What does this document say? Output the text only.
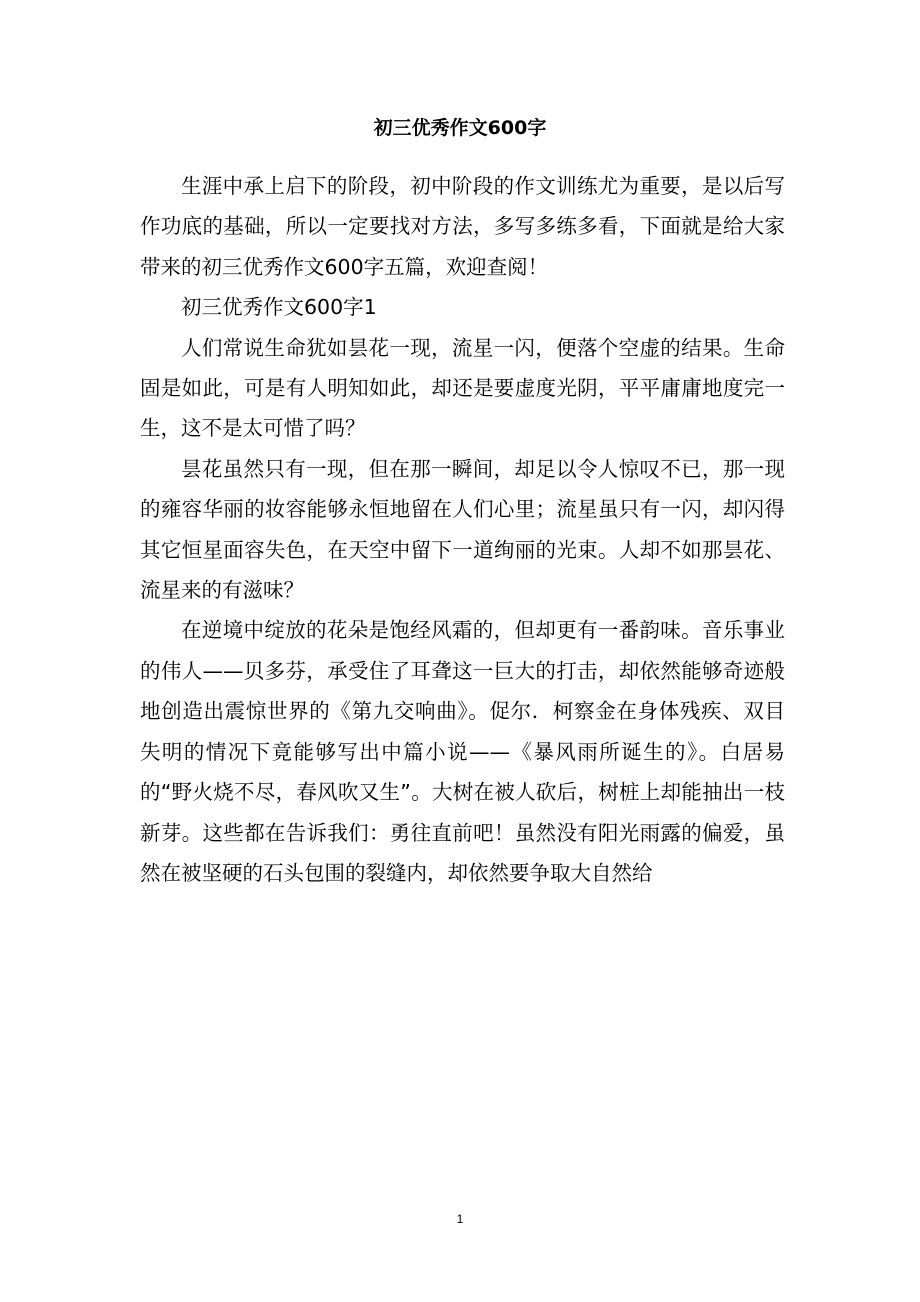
初三优秀作文600字

生涯中承上启下的阶段，初中阶段的作文训练尤为重要，是以后写作功底的基础，所以一定要找对方法，多写多练多看，下面就是给大家带来的初三优秀作文600字五篇，欢迎查阅！

初三优秀作文600字1

人们常说生命犹如昙花一现，流星一闪，便落个空虚的结果。生命固是如此，可是有人明知如此，却还是要虚度光阴，平平庸庸地度完一生，这不是太可惜了吗？

昙花虽然只有一现，但在那一瞬间，却足以令人惊叹不已，那一现的雍容华丽的妆容能够永恒地留在人们心里；流星虽只有一闪，却闪得其它恒星面容失色，在天空中留下一道绚丽的光束。人却不如那昙花、流星来的有滋味？

在逆境中绽放的花朵是饱经风霜的，但却更有一番韵味。音乐事业的伟人——贝多芬，承受住了耳聋这一巨大的打击，却依然能够奇迹般地创造出震惊世界的《第九交响曲》。促尔．柯察金在身体残疾、双目失明的情况下竟能够写出中篇小说——《暴风雨所诞生的》。白居易的“野火烧不尽，春风吹又生”。大树在被人砍后，树桩上却能抽出一枝新芽。这些都在告诉我们：勇往直前吧！虽然没有阳光雨露的偏爱，虽然在被坚硬的石头包围的裂缝内，却依然要争取大自然给

1
